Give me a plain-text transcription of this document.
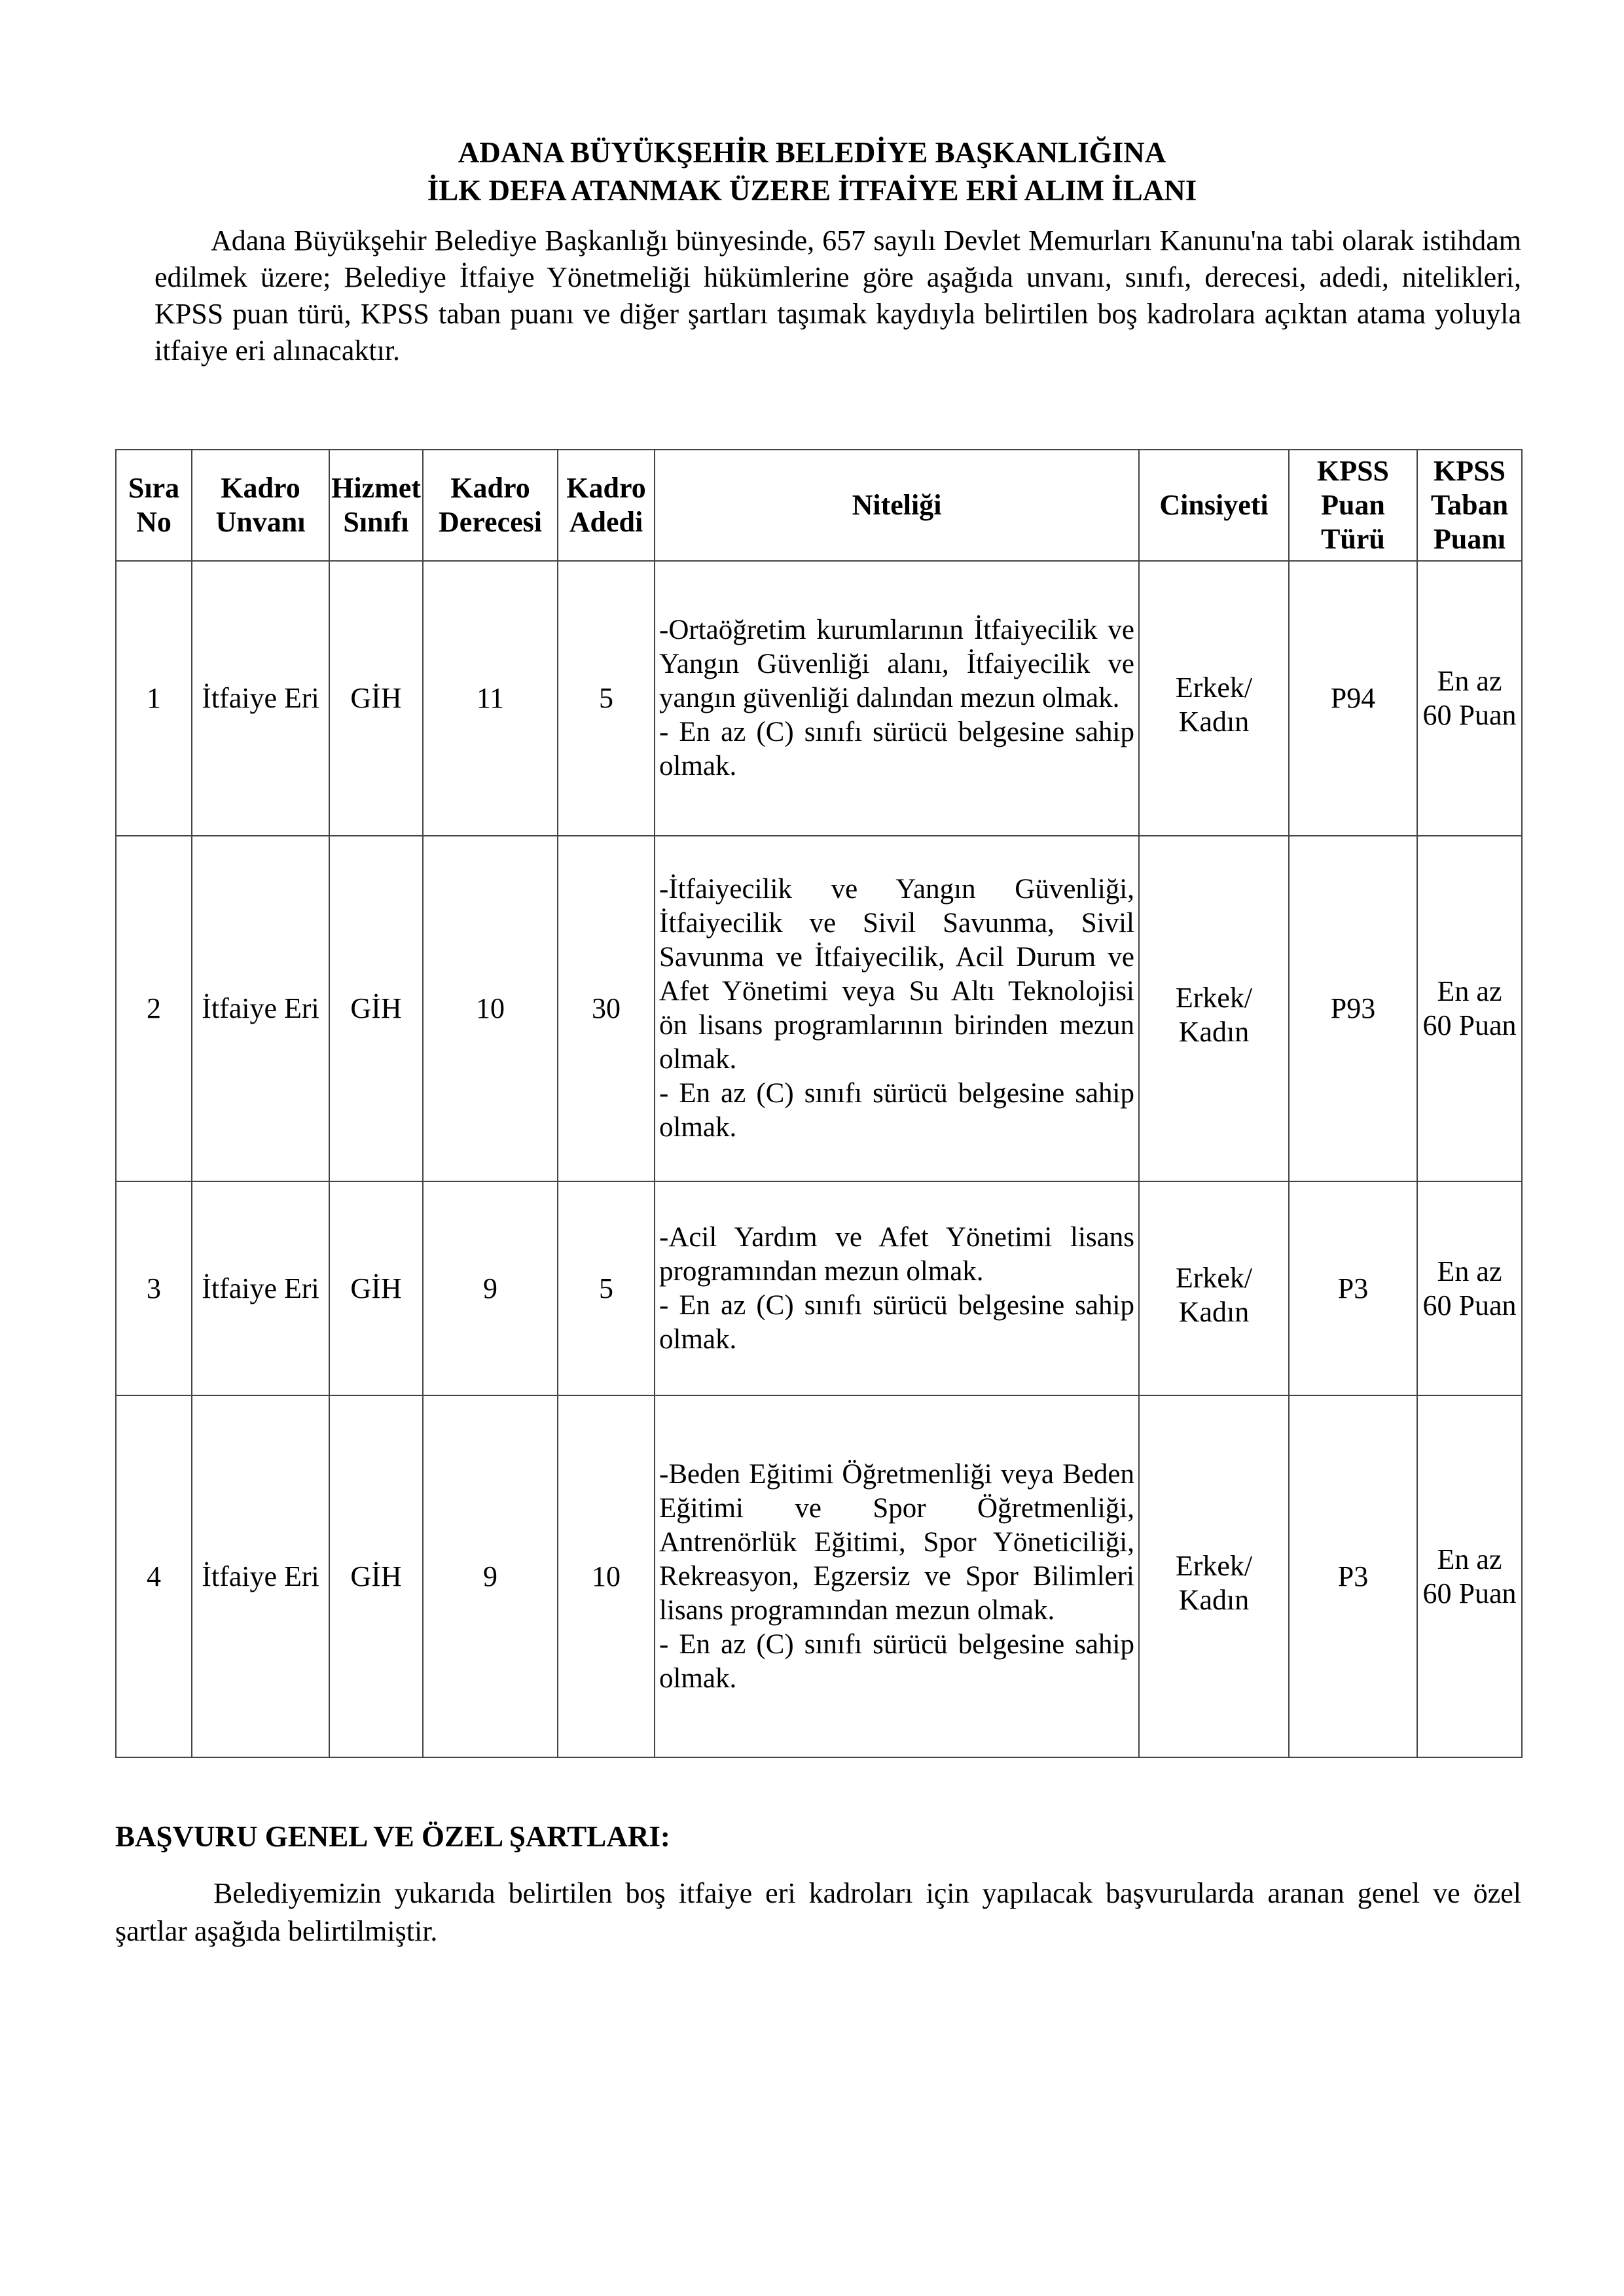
ADANA BÜYÜKŞEHİR BELEDİYE BAŞKANLIĞINA
İLK DEFA ATANMAK ÜZERE İTFAİYE ERİ ALIM İLANI

Adana Büyükşehir Belediye Başkanlığı bünyesinde, 657 sayılı Devlet Memurları Kanunu'na tabi olarak istihdam edilmek üzere; Belediye İtfaiye Yönetmeliği hükümlerine göre aşağıda unvanı, sınıfı, derecesi, adedi, nitelikleri, KPSS puan türü, KPSS taban puanı ve diğer şartları taşımak kaydıyla belirtilen boş kadrolara açıktan atama yoluyla itfaiye eri alınacaktır.

Sıra No	Kadro Unvanı	Hizmet Sınıfı	Kadro Derecesi	Kadro Adedi	Niteliği	Cinsiyeti	KPSS Puan Türü	KPSS Taban Puanı
1	İtfaiye Eri	GİH	11	5	-Ortaöğretim kurumlarının İtfaiyecilik ve Yangın Güvenliği alanı, İtfaiyecilik ve yangın güvenliği dalından mezun olmak.
- En az (C) sınıfı sürücü belgesine sahip olmak.	Erkek/ Kadın	P94	En az 60 Puan
2	İtfaiye Eri	GİH	10	30	-İtfaiyecilik ve Yangın Güvenliği, İtfaiyecilik ve Sivil Savunma, Sivil Savunma ve İtfaiyecilik, Acil Durum ve Afet Yönetimi veya Su Altı Teknolojisi ön lisans programlarının birinden mezun olmak.
- En az (C) sınıfı sürücü belgesine sahip olmak.	Erkek/ Kadın	P93	En az 60 Puan
3	İtfaiye Eri	GİH	9	5	-Acil Yardım ve Afet Yönetimi lisans programından mezun olmak.
- En az (C) sınıfı sürücü belgesine sahip olmak.	Erkek/ Kadın	P3	En az 60 Puan
4	İtfaiye Eri	GİH	9	10	-Beden Eğitimi Öğretmenliği veya Beden Eğitimi ve Spor Öğretmenliği, Antrenörlük Eğitimi, Spor Yöneticiliği, Rekreasyon, Egzersiz ve Spor Bilimleri lisans programından mezun olmak.
- En az (C) sınıfı sürücü belgesine sahip olmak.	Erkek/ Kadın	P3	En az 60 Puan
BAŞVURU GENEL VE ÖZEL ŞARTLARI:

Belediyemizin yukarıda belirtilen boş itfaiye eri kadroları için yapılacak başvurularda aranan genel ve özel şartlar aşağıda belirtilmiştir.
